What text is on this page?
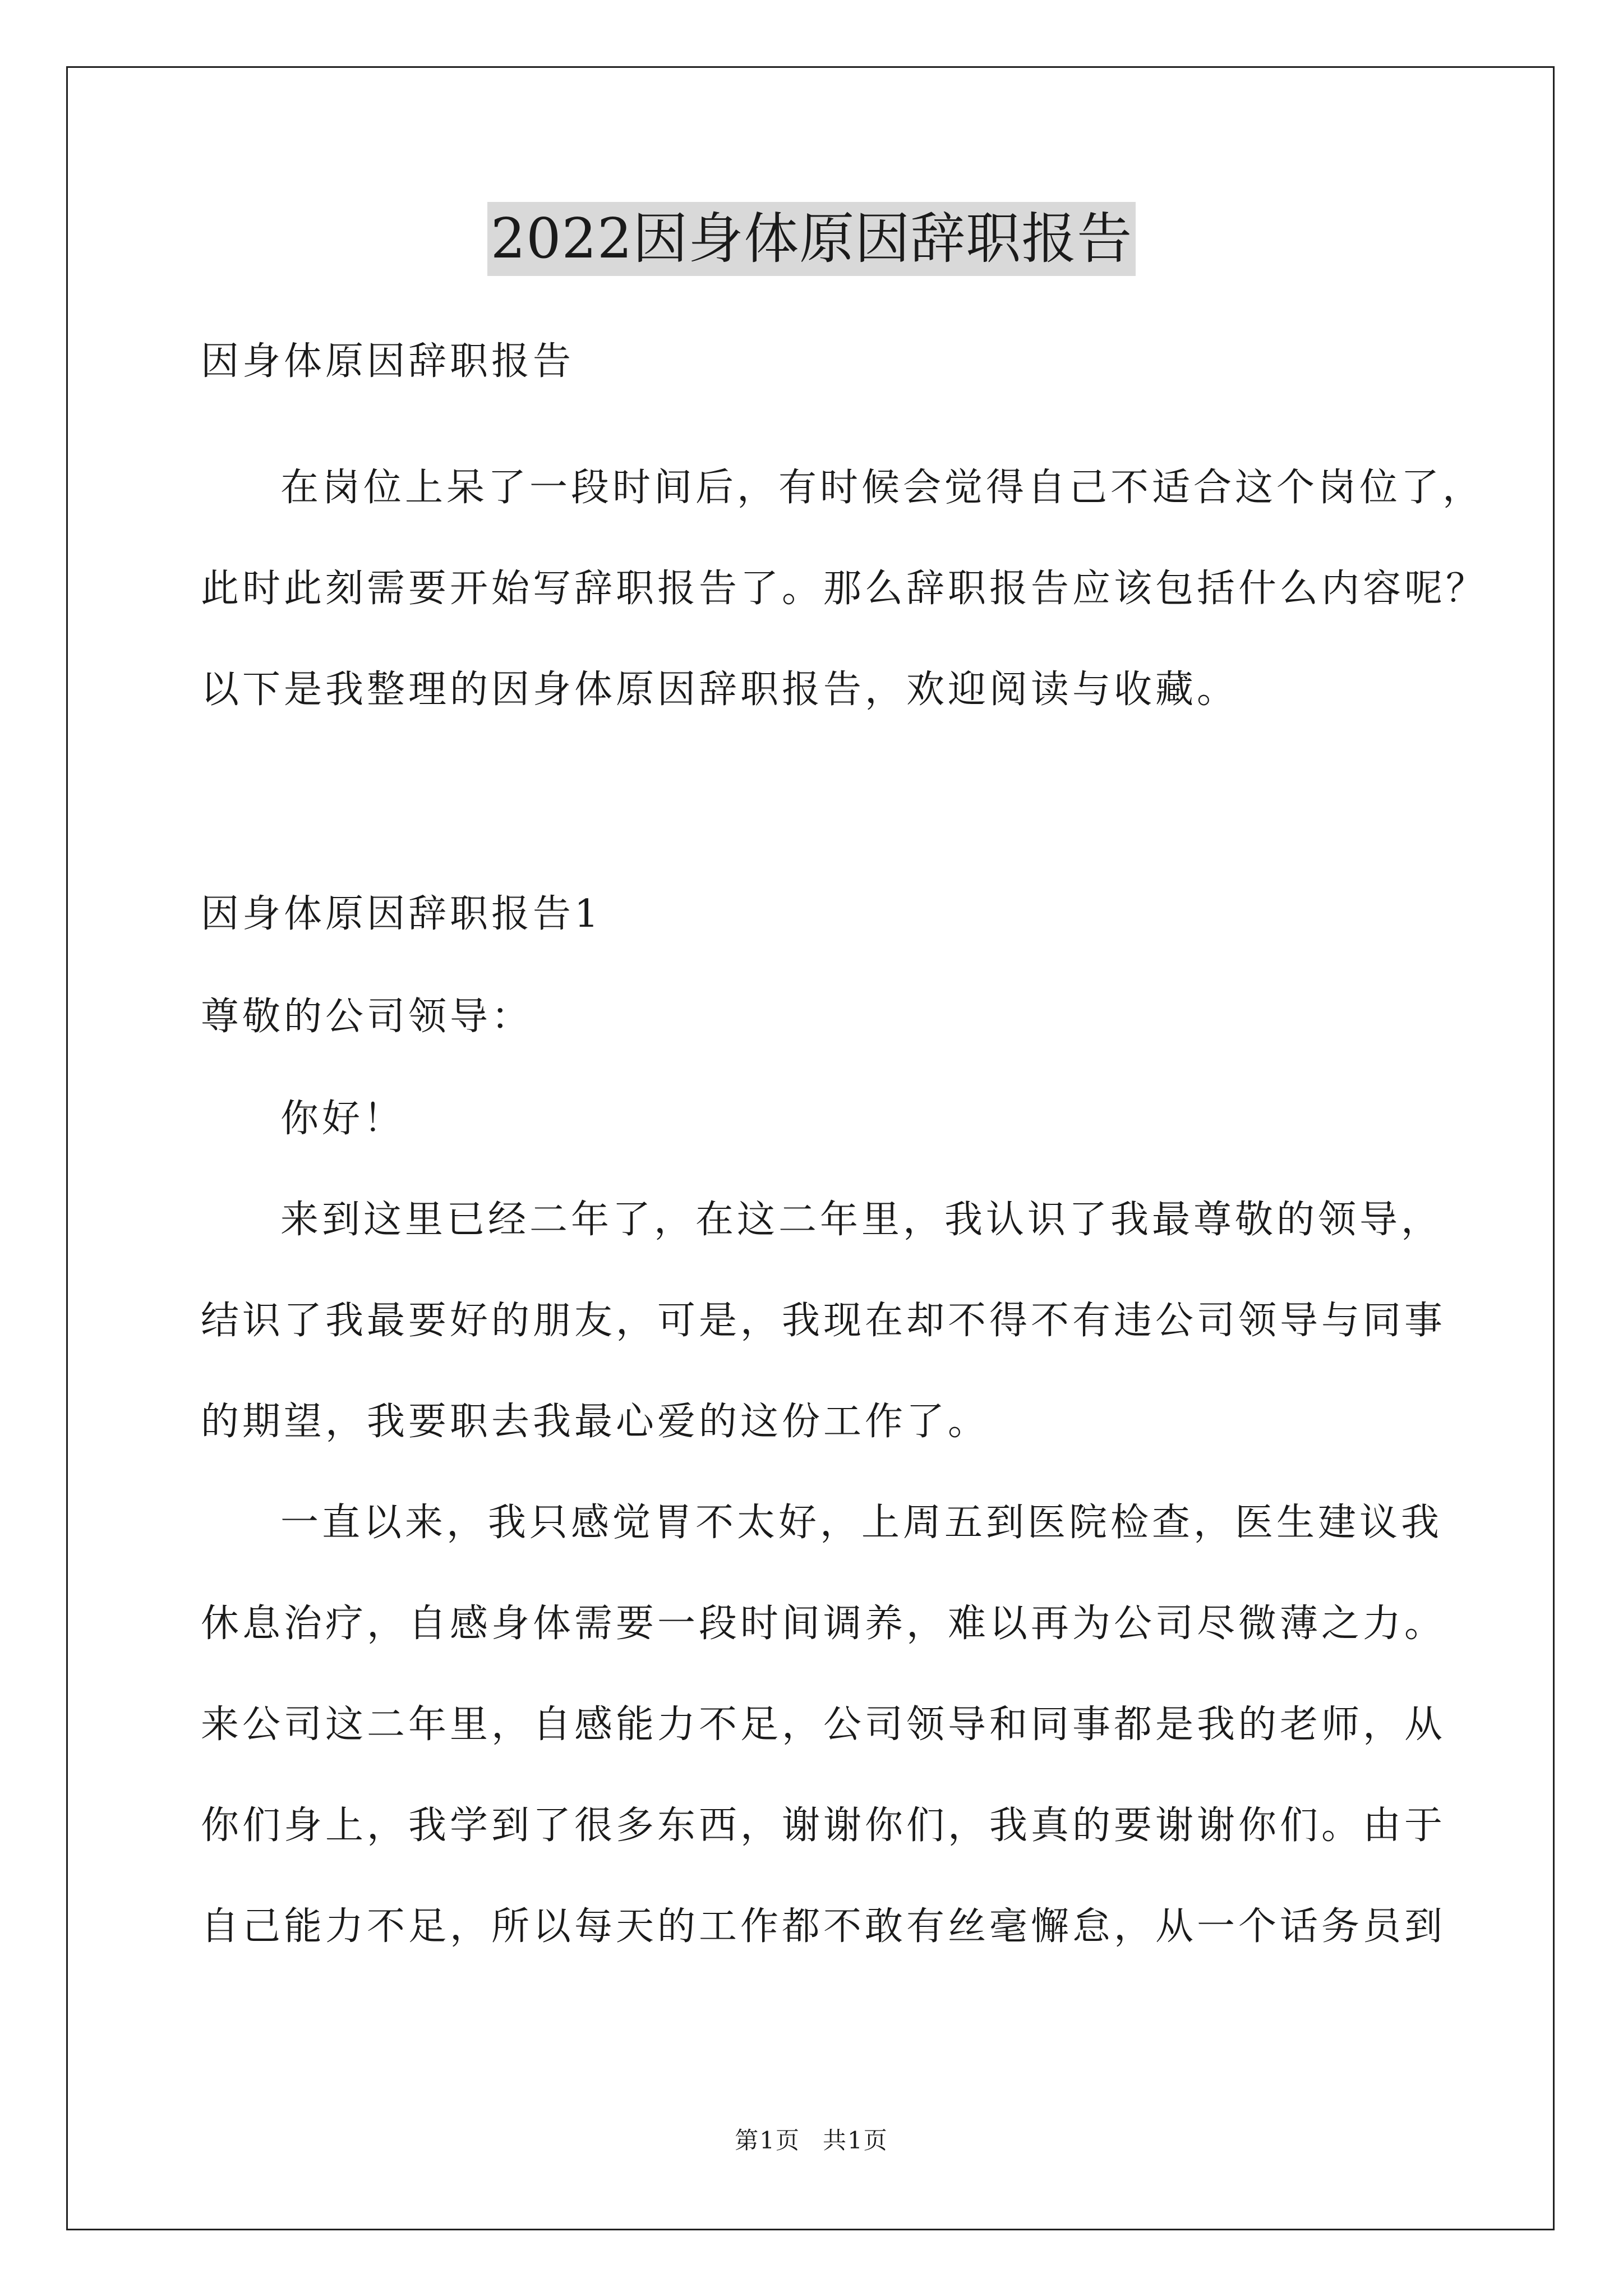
2022因身体原因辞职报告
因身体原因辞职报告
在岗位上呆了一段时间后，有时候会觉得自己不适合这个岗位了，
此时此刻需要开始写辞职报告了。那么辞职报告应该包括什么内容呢？
以下是我整理的因身体原因辞职报告，欢迎阅读与收藏。
因身体原因辞职报告1
尊敬的公司领导：
你好！
来到这里已经二年了，在这二年里，我认识了我最尊敬的领导，
结识了我最要好的朋友，可是，我现在却不得不有违公司领导与同事
的期望，我要职去我最心爱的这份工作了。
一直以来，我只感觉胃不太好，上周五到医院检查，医生建议我
休息治疗，自感身体需要一段时间调养，难以再为公司尽微薄之力。
来公司这二年里，自感能力不足，公司领导和同事都是我的老师，从
你们身上，我学到了很多东西，谢谢你们，我真的要谢谢你们。由于
自己能力不足，所以每天的工作都不敢有丝毫懈怠，从一个话务员到
第1页 共1页
